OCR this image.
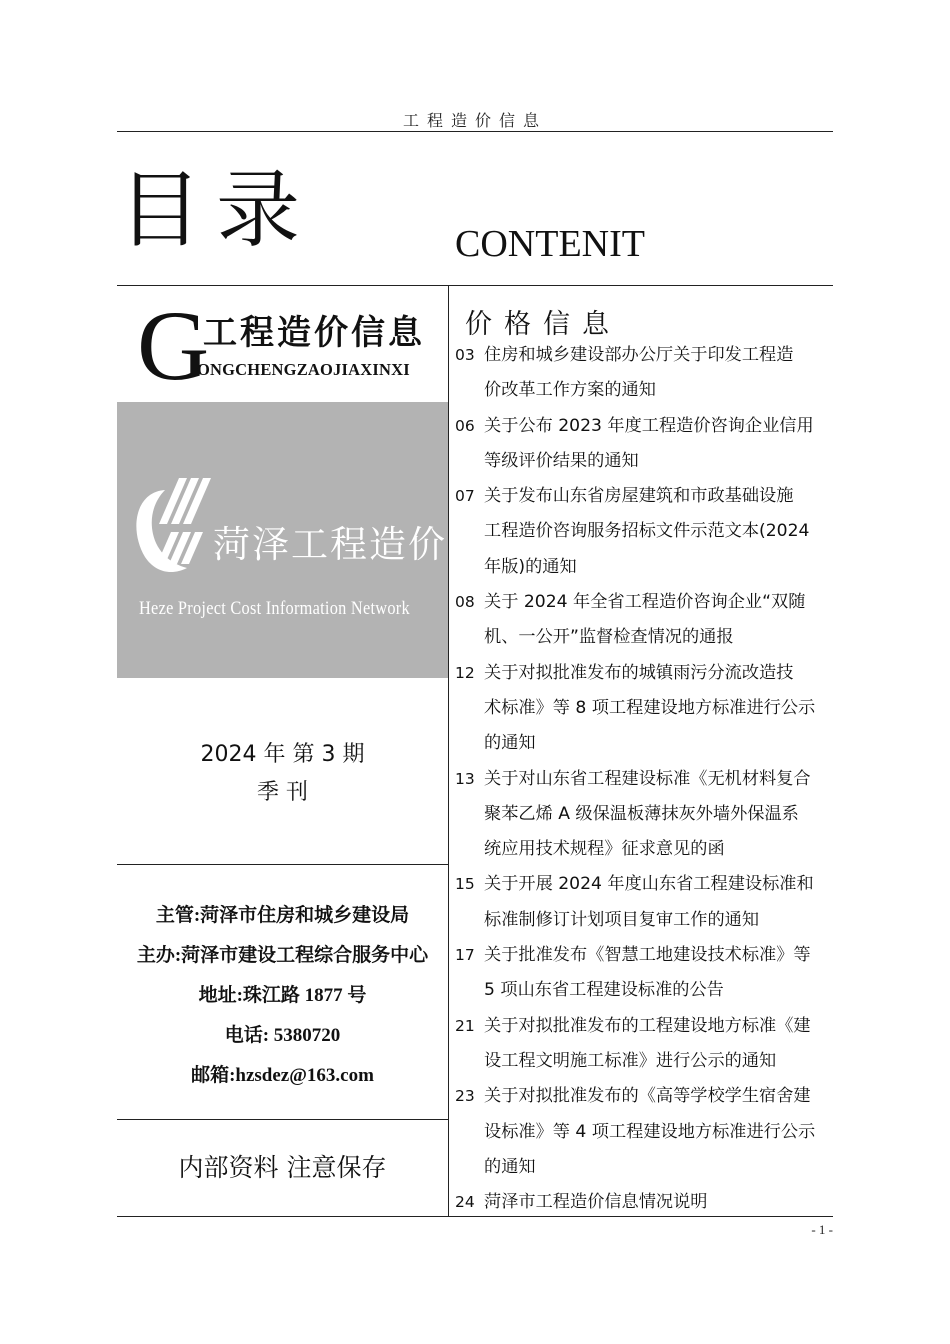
工程造价信息
目录	CONTENIT
G
工程造价信息
ONGCHENGZAOJIAXINXI
菏泽工程造价
Heze Project Cost Information Network
2024 年 第 3 期
季 刊
主管:菏泽市住房和城乡建设局
主办:菏泽市建设工程综合服务中心
地址:珠江路 1877 号
电话: 5380720
邮箱:hzsdez@163.com
内部资料 注意保存
价格信息
03 住房和城乡建设部办公厅关于印发工程造
价改革工作方案的通知
06 关于公布 2023 年度工程造价咨询企业信用
等级评价结果的通知
07 关于发布山东省房屋建筑和市政基础设施
工程造价咨询服务招标文件示范文本(2024
年版)的通知
08 关于 2024 年全省工程造价咨询企业“双随
机、一公开”监督检查情况的通报
12 关于对拟批准发布的城镇雨污分流改造技
术标准》等 8 项工程建设地方标准进行公示
的通知
13 关于对山东省工程建设标准《无机材料复合
聚苯乙烯 A 级保温板薄抹灰外墙外保温系
统应用技术规程》征求意见的函
15 关于开展 2024 年度山东省工程建设标准和
标准制修订计划项目复审工作的通知
17 关于批准发布《智慧工地建设技术标准》等
5 项山东省工程建设标准的公告
21 关于对拟批准发布的工程建设地方标准《建
设工程文明施工标准》进行公示的通知
23 关于对拟批准发布的《高等学校学生宿舍建
设标准》等 4 项工程建设地方标准进行公示
的通知
24 菏泽市工程造价信息情况说明
- 1 -
